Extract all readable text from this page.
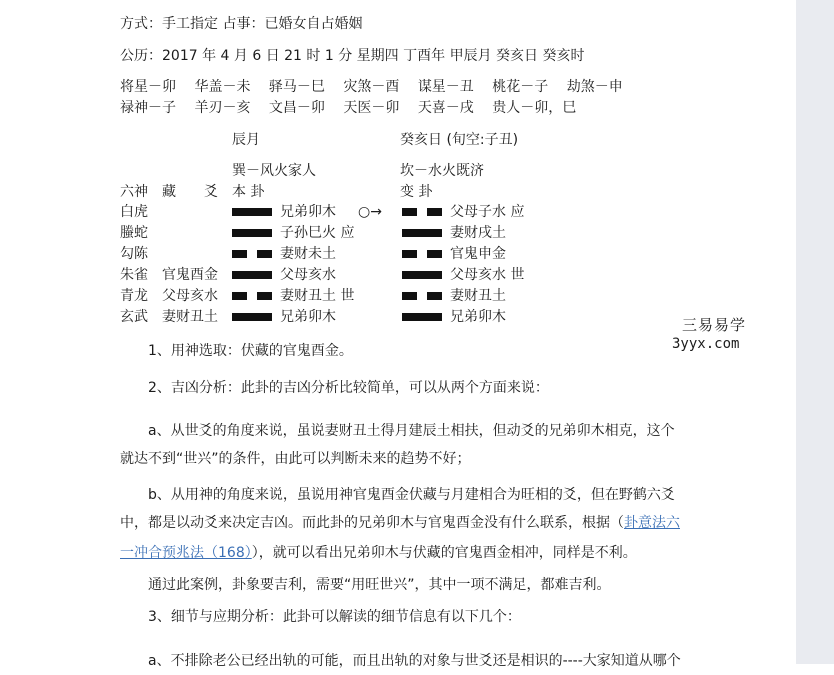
方式：手工指定 占事：已婚女自占婚姻
公历：2017 年 4 月 6 日 21 时 1 分 星期四 丁酉年 甲辰月 癸亥日 癸亥时
将星－卯 华盖－未 驿马－巳 灾煞－酉 谋星－丑 桃花－子 劫煞－申
禄神－子 羊刃－亥 文昌－卯 天医－卯 天喜－戌 贵人－卯，巳
辰月	癸亥日 (旬空:子丑)
巽－风火家人	坎－水火既济
六神 藏 爻 本 卦	变 卦
白虎	兄弟卯木 ○→	父母子水 应
螣蛇	子孙巳火 应	妻财戌土
勾陈	妻财未土	官鬼申金
朱雀 官鬼酉金	父母亥水	父母亥水 世
青龙 父母亥水	妻财丑土 世	妻财丑土
玄武 妻财丑土	兄弟卯木	兄弟卯木
1、用神选取：伏藏的官鬼酉金。
2、吉凶分析：此卦的吉凶分析比较简单，可以从两个方面来说：
a、从世爻的角度来说，虽说妻财丑土得月建辰土相扶，但动爻的兄弟卯木相克，这个
就达不到“世兴”的条件，由此可以判断未来的趋势不好；
b、从用神的角度来说，虽说用神官鬼酉金伏藏与月建相合为旺相的爻，但在野鹤六爻
中，都是以动爻来决定吉凶。而此卦的兄弟卯木与官鬼酉金没有什么联系，根据（卦意法六
一冲合预兆法（168）），就可以看出兄弟卯木与伏藏的官鬼酉金相冲，同样是不利。
通过此案例，卦象要吉利，需要“用旺世兴”，其中一项不满足，都难吉利。
3、细节与应期分析：此卦可以解读的细节信息有以下几个：
a、不排除老公已经出轨的可能，而且出轨的对象与世爻还是相识的----大家知道从哪个
三易易学
3yyx.com
